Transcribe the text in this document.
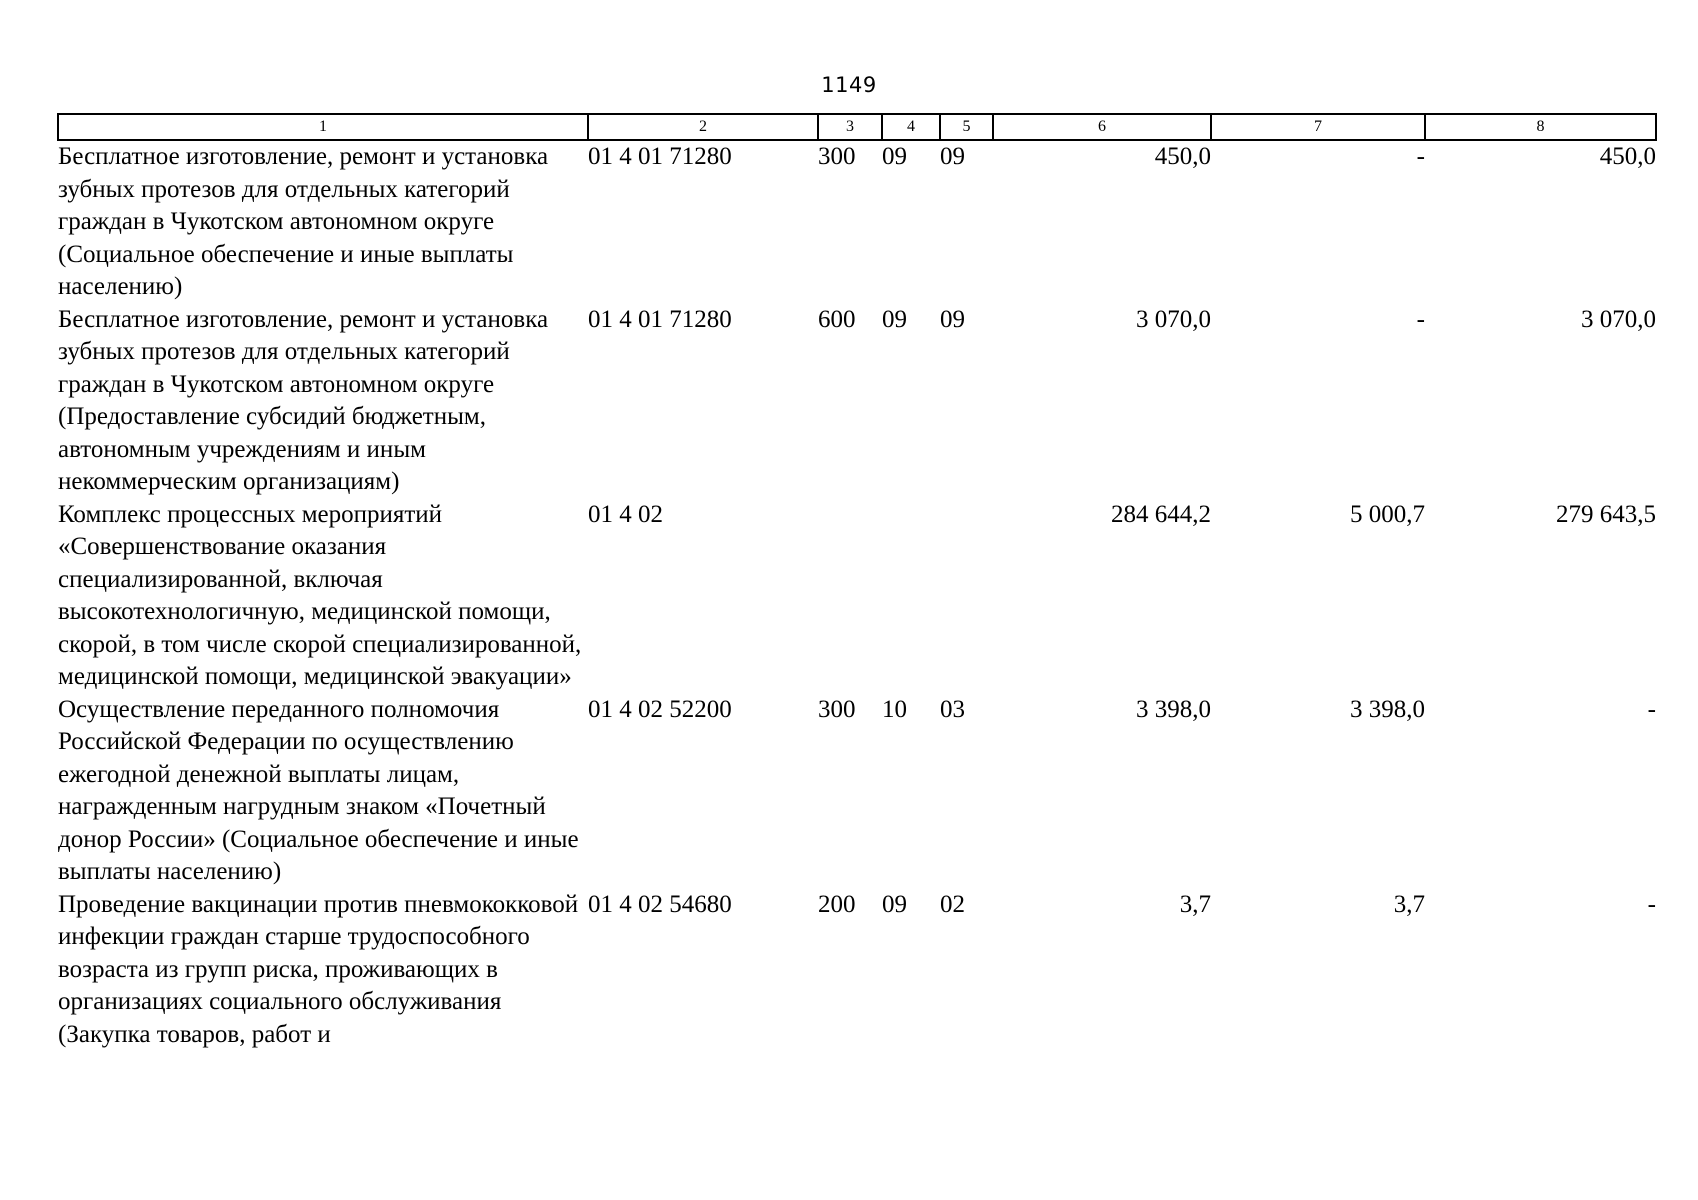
1149
1	2	3	4	5	6	7	8
Бесплатное изготовление, ремонт и установка зубных протезов для отдельных категорий граждан в Чукотском автономном округе (Социальное обеспечение и иные выплаты населению)	01 4 01 71280	300	09	09	450,0	-	450,0
Бесплатное изготовление, ремонт и установка зубных протезов для отдельных категорий граждан в Чукотском автономном округе (Предоставление субсидий бюджетным, автономным учреждениям и иным некоммерческим организациям)	01 4 01 71280	600	09	09	3 070,0	-	3 070,0
Комплекс процессных мероприятий «Совершенствование оказания специализированной, включая высокотехнологичную, медицинской помощи, скорой, в том числе скорой специализированной, медицинской помощи, медицинской эвакуации»	01 4 02				284 644,2	5 000,7	279 643,5
Осуществление переданного полномочия Российской Федерации по осуществлению ежегодной денежной выплаты лицам, награжденным нагрудным знаком «Почетный донор России» (Социальное обеспечение и иные выплаты населению)	01 4 02 52200	300	10	03	3 398,0	3 398,0	-
Проведение вакцинации против пневмококковой инфекции граждан старше трудоспособного возраста из групп риска, проживающих в организациях социального обслуживания (Закупка товаров, работ и	01 4 02 54680	200	09	02	3,7	3,7	-
